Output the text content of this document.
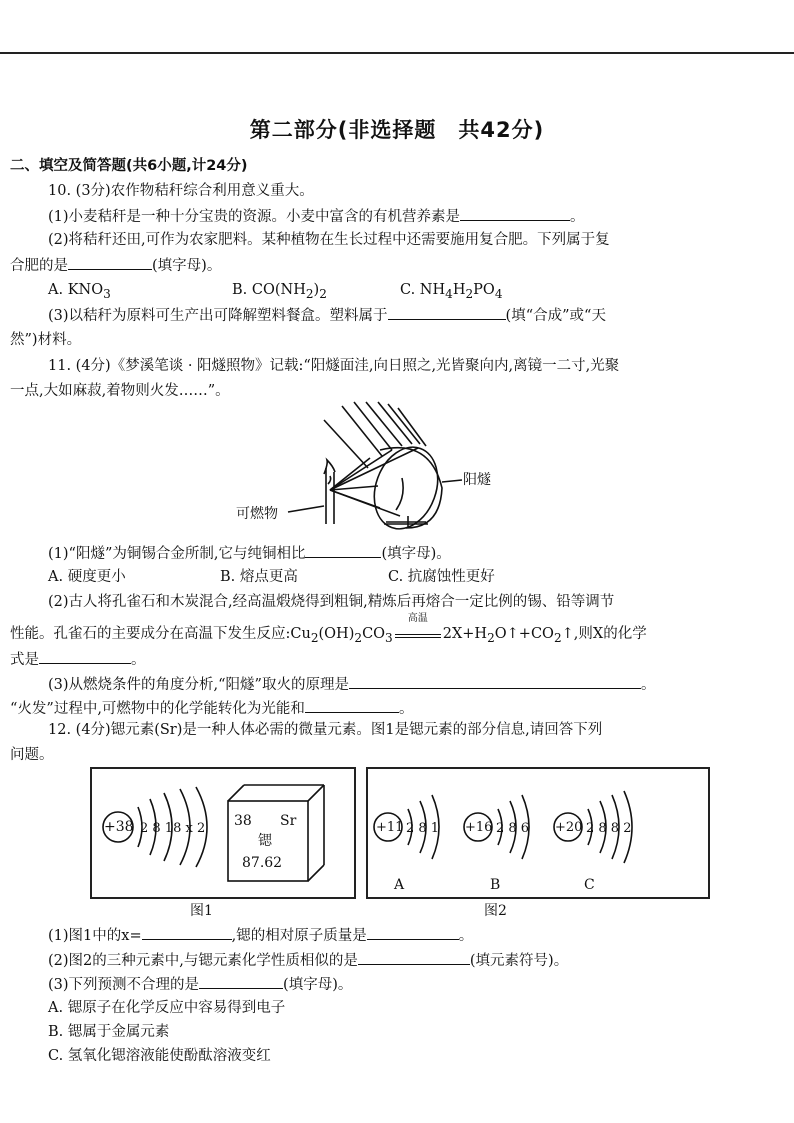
第二部分(非选择题　共42分)
二、填空及简答题(共6小题,计24分)
10. (3分)农作物秸秆综合利用意义重大。
(1)小麦秸秆是一种十分宝贵的资源。小麦中富含的有机营养素是	。
(2)将秸秆还田,可作为农家肥料。某种植物在生长过程中还需要施用复合肥。下列属于复
合肥的是	(填字母)。
A. $KNO_3$	B. $CO(NH_2)_2$	C. $NH_4H_2PO_4$
(3)以秸秆为原料可生产出可降解塑料餐盒。塑料属于	(填“合成”或“天
然”)材料。
11. (4分)《梦溪笔谈 · 阳燧照物》记载:“阳燧面洼,向日照之,光皆聚向内,离镜一二寸,光聚
一点,大如麻菽,着物则火发……”。
阳燧
可燃物
(1)“阳燧”为铜锡合金所制,它与纯铜相比	(填字母)。
A. 硬度更小	B. 熔点更高	C. 抗腐蚀性更好
(2)古人将孔雀石和木炭混合,经高温煅烧得到粗铜,精炼后再熔合一定比例的锡、铅等调节
性能。孔雀石的主要成分在高温下发生反应$:Cu_2(OH)_2CO_3$
高温
$2X+H_2O↑+CO_2↑$,则X的化学
式是	。
(3)从燃烧条件的角度分析,“阳燧”取火的原理是	。
“火发”过程中,可燃物中的化学能转化为光能和	。
12. (4分)锶元素(Sr)是一种人体必需的微量元素。图1是锶元素的部分信息,请回答下列
问题。
+38 2 8 18 x 2 38 Sr
锶
87.62
图1
+11 2 8 1
A
+16 2 8 6
B
+20 2 8 8 2
C
图2
(1)图1中的x=	,锶的相对原子质量是	。
(2)图2的三种元素中,与锶元素化学性质相似的是	(填元素符号)。
(3)下列预测不合理的是	(填字母)。
A. 锶原子在化学反应中容易得到电子
B. 锶属于金属元素
C. 氢氧化锶溶液能使酚酞溶液变红
